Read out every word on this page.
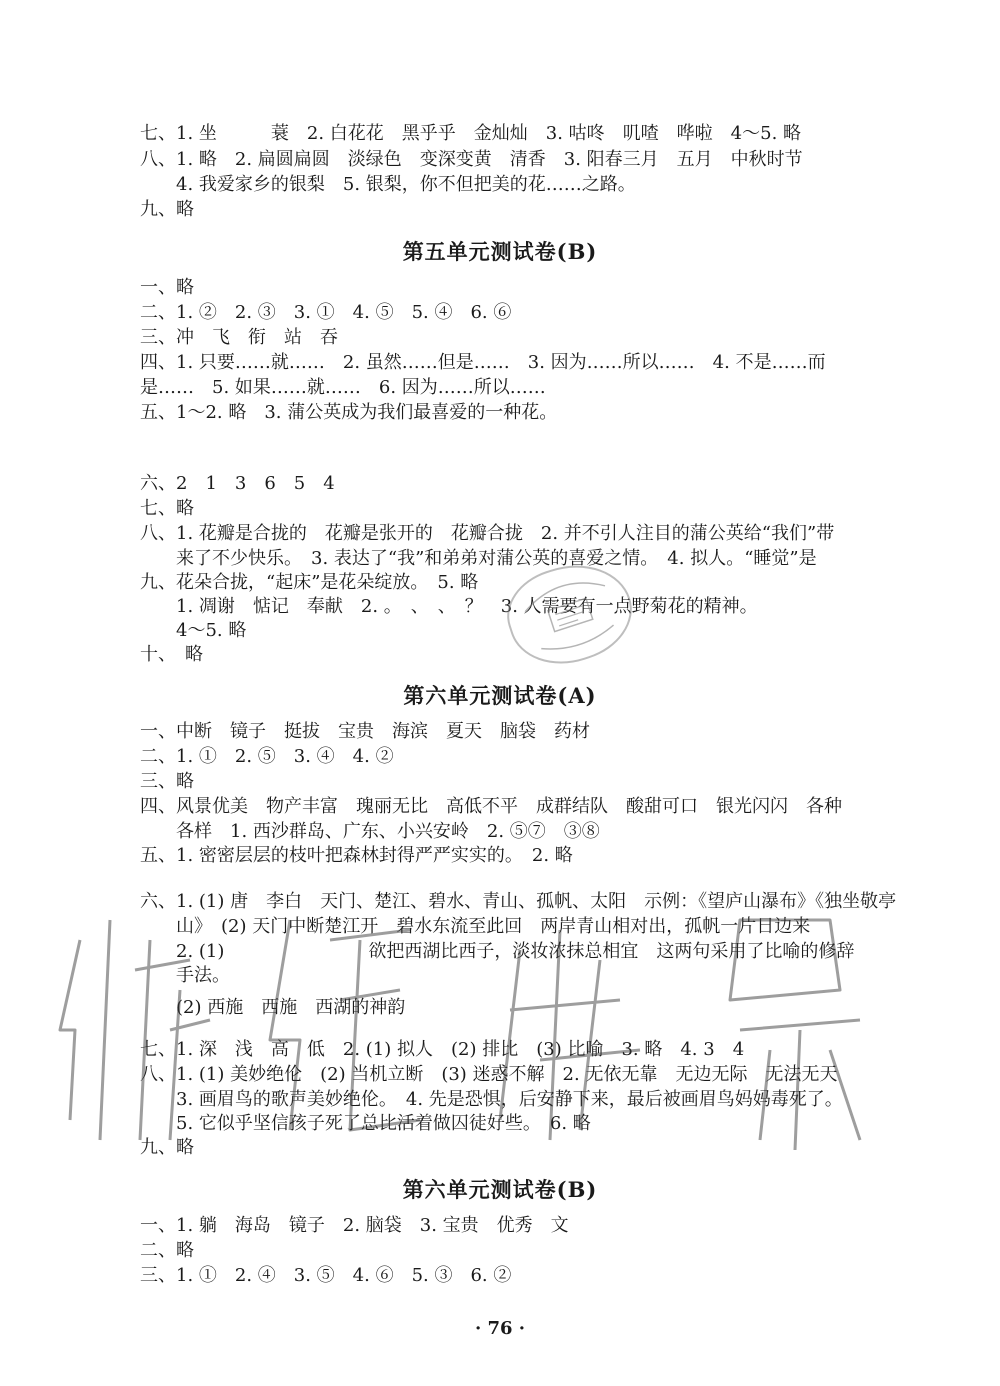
七、1. 坐　　　蓑　2. 白花花　黑乎乎　金灿灿　3. 咕咚　叽喳　哗啦　4～5. 略
八、1. 略　2. 扁圆扁圆　淡绿色　变深变黄　清香　3. 阳春三月　五月　中秋时节
4. 我爱家乡的银梨　5. 银梨，你不但把美的花……之路。
九、略
第五单元测试卷(B)
一、略
二、1. ②　2. ③　3. ①　4. ⑤　5. ④　6. ⑥
三、冲　飞　衔　站　吞
四、1. 只要……就……　2. 虽然……但是……　3. 因为……所以……　4. 不是……而
是……　5. 如果……就……　6. 因为……所以……
五、1～2. 略　3. 蒲公英成为我们最喜爱的一种花。
六、2　1　3　6　5　4
七、略
八、1. 花瓣是合拢的　花瓣是张开的　花瓣合拢　2. 并不引人注目的蒲公英给“我们”带
来了不少快乐。　3. 表达了“我”和弟弟对蒲公英的喜爱之情。　4. 拟人。“睡觉”是
九、花朵合拢，“起床”是花朵绽放。　5. 略
1. 凋谢　惦记　奉献　2. 。　、　、　？　3. 人需要有一点野菊花的精神。
4～5. 略
十、　略
第六单元测试卷(A)
一、中断　镜子　挺拔　宝贵　海滨　夏天　脑袋　药材
二、1. ①　2. ⑤　3. ④　4. ②
三、略
四、风景优美　物产丰富　瑰丽无比　高低不平　成群结队　酸甜可口　银光闪闪　各种
各样　1. 西沙群岛、广东、小兴安岭　2. ⑤⑦　③⑧
五、1. 密密层层的枝叶把森林封得严严实实的。　2. 略
六、1. (1) 唐　李白　天门、楚江、碧水、青山、孤帆、太阳　示例：《望庐山瀑布》《独坐敬亭
山》　(2) 天门中断楚江开　碧水东流至此回　两岸青山相对出，孤帆一片日边来
2. (1)　　　　　　　　欲把西湖比西子，淡妆浓抹总相宜　这两句采用了比喻的修辞
手法。
(2) 西施　西施　西湖的神韵
七、1. 深　浅　高　低　2. (1) 拟人　(2) 排比　(3) 比喻　3. 略　4. 3　4
八、1. (1) 美妙绝伦　(2) 当机立断　(3) 迷惑不解　2. 无依无靠　无边无际　无法无天
3. 画眉鸟的歌声美妙绝伦。　4. 先是恐惧，后安静下来，最后被画眉鸟妈妈毒死了。
5. 它似乎坚信孩子死了总比活着做囚徒好些。　6. 略
九、略
第六单元测试卷(B)
一、1. 躺　海岛　镜子　2. 脑袋　3. 宝贵　优秀　文
二、略
三、1. ①　2. ④　3. ⑤　4. ⑥　5. ③　6. ②
· 76 ·
